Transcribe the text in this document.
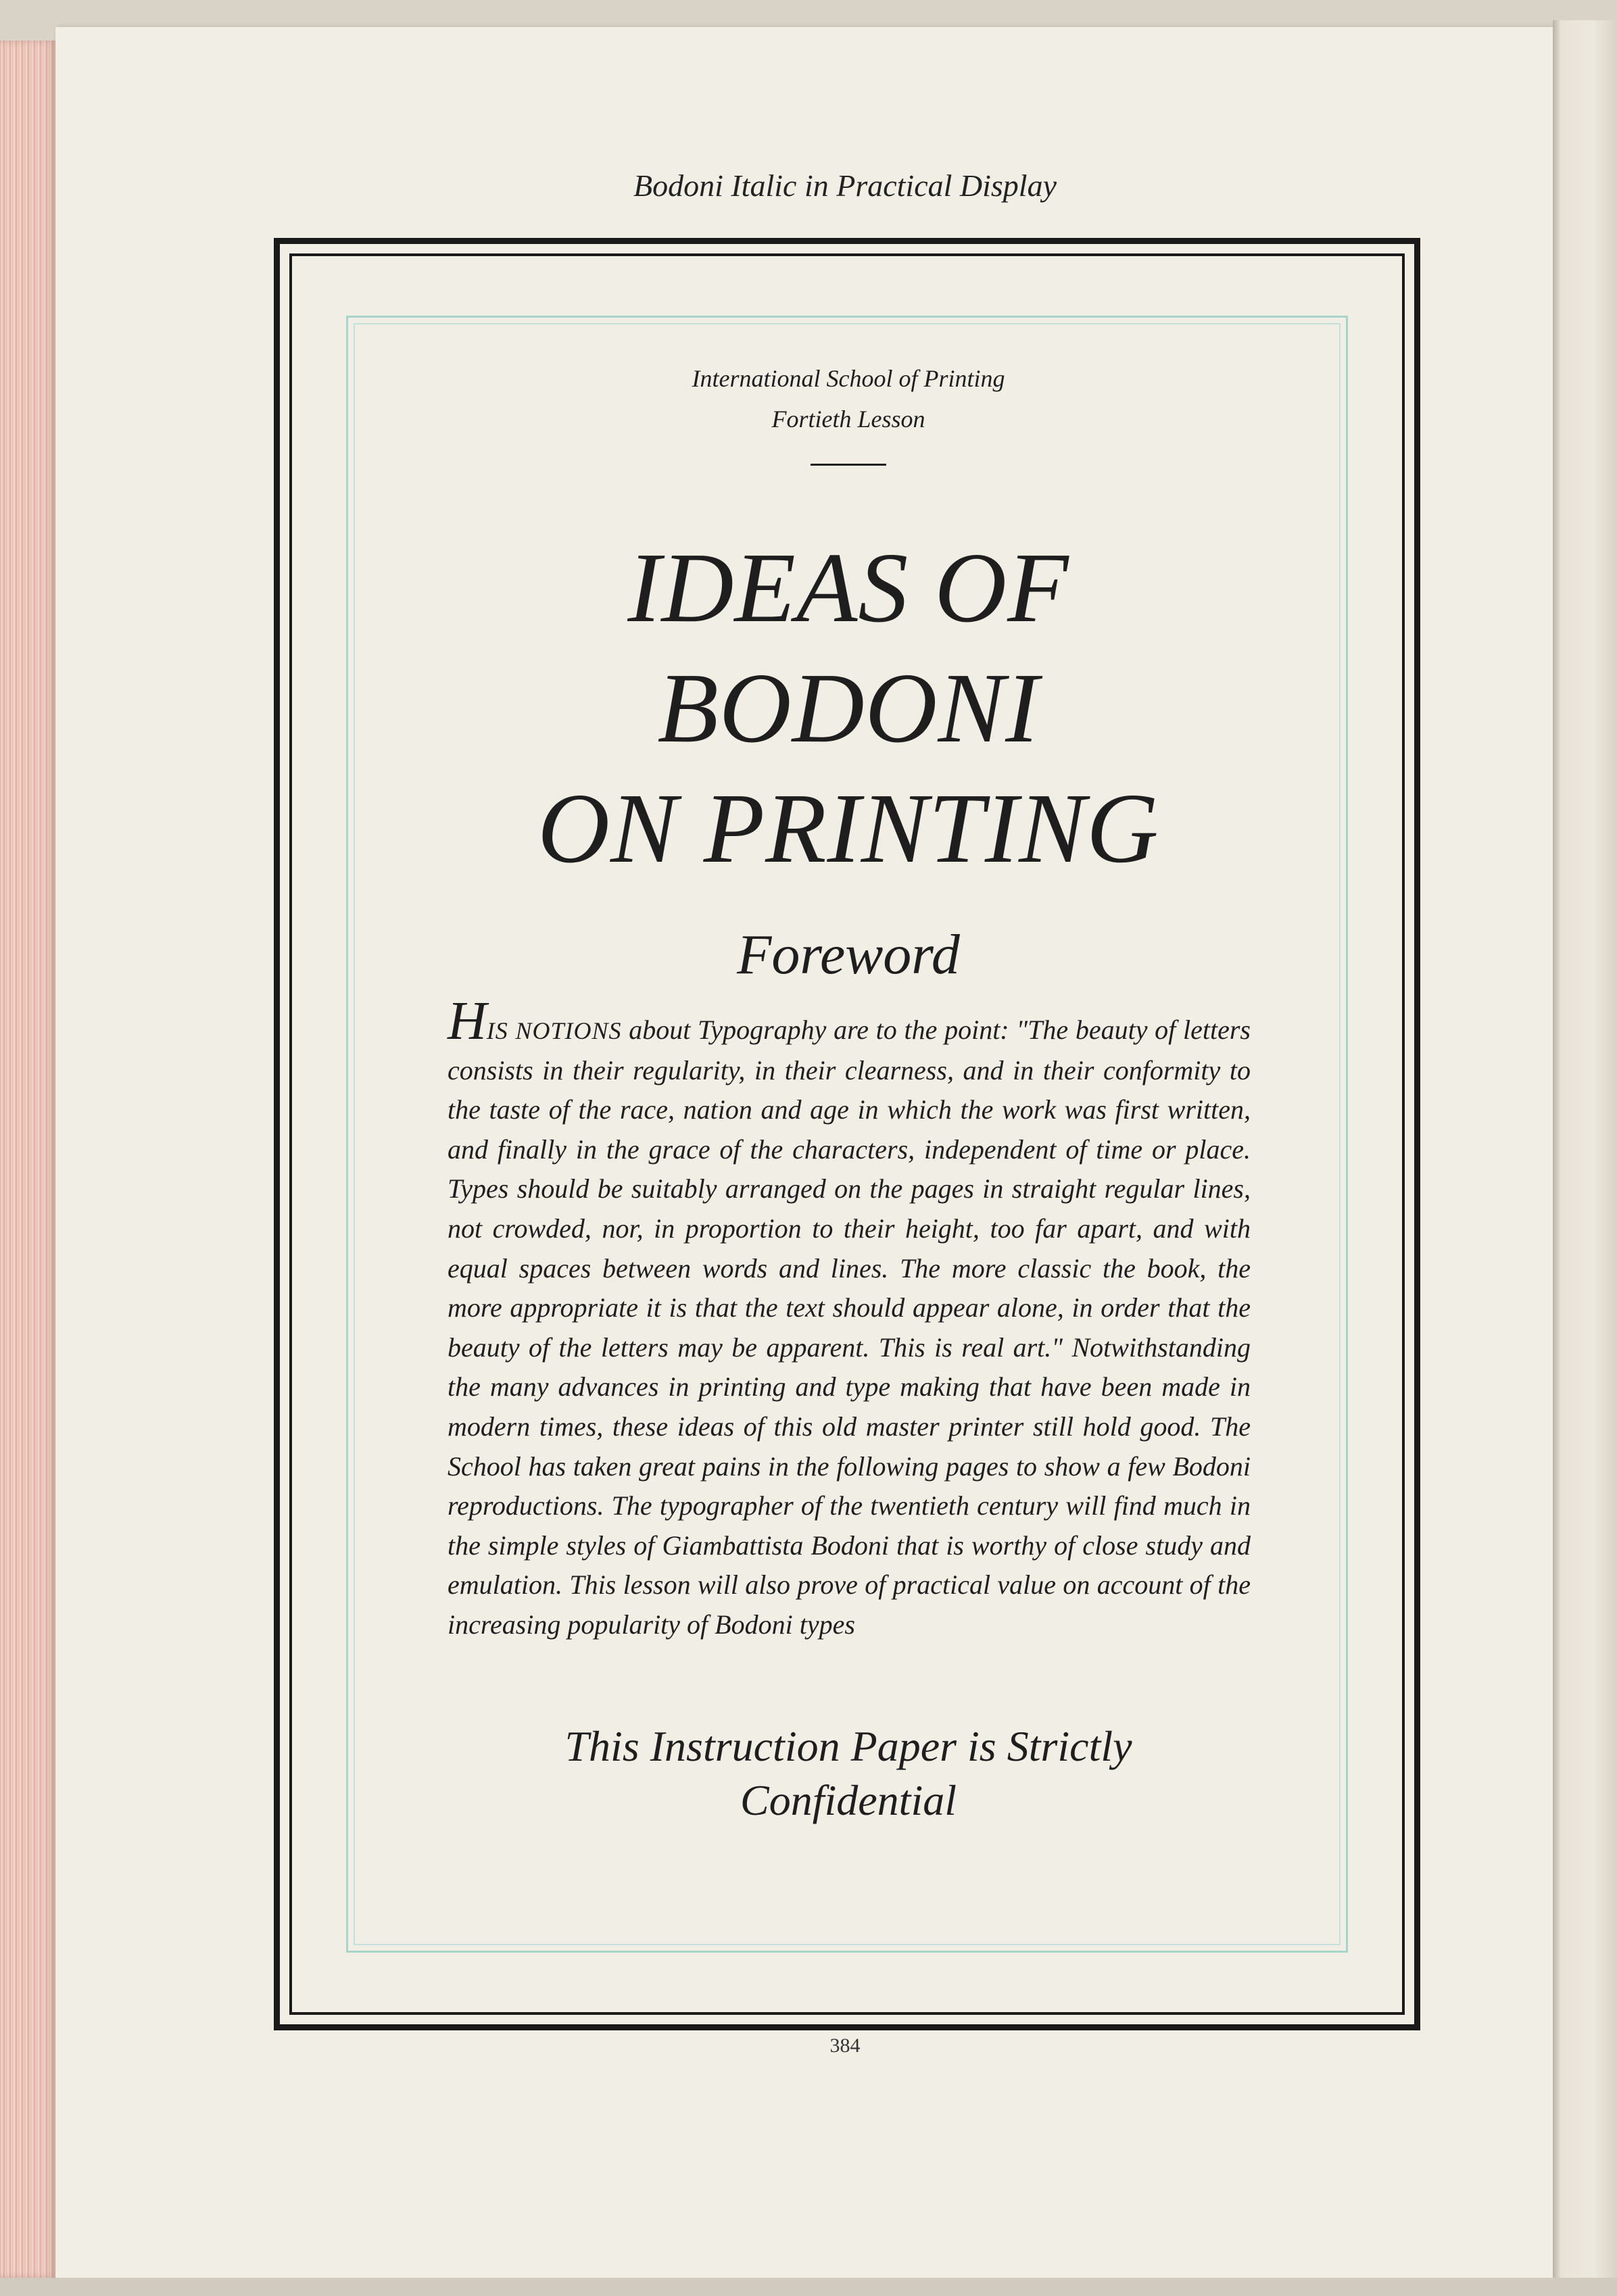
Bodoni Italic in Practical Display
International School of Printing
Fortieth Lesson
IDEAS OF BODONI
ON PRINTING
Foreword
HIS NOTIONS about Typography are to the point: "The beauty of letters consists in their regularity, in their clearness, and in their conformity to the taste of the race, nation and age in which the work was first written, and finally in the grace of the characters, independent of time or place. Types should be suitably arranged on the pages in straight regular lines, not crowded, nor, in proportion to their height, too far apart, and with equal spaces between words and lines. The more classic the book, the more appropriate it is that the text should appear alone, in order that the beauty of the letters may be apparent. This is real art." Notwithstanding the many advances in printing and type making that have been made in modern times, these ideas of this old master printer still hold good. The School has taken great pains in the following pages to show a few Bodoni reproductions. The typographer of the twentieth century will find much in the simple styles of Giambattista Bodoni that is worthy of close study and emulation. This lesson will also prove of practical value on account of the increasing popularity of Bodoni types
This Instruction Paper is Strictly
Confidential
384
